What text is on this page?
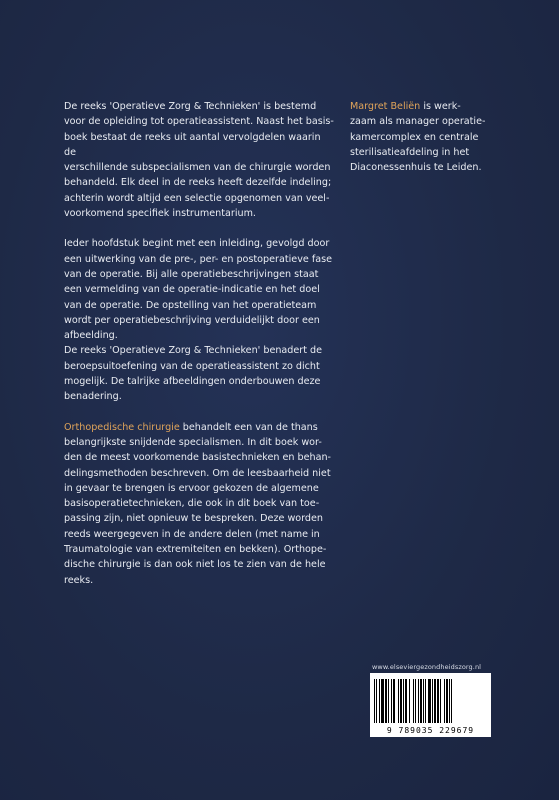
De reeks 'Operatieve Zorg & Technieken' is bestemd
voor de opleiding tot operatieassistent. Naast het basis-
boek bestaat de reeks uit aantal vervolgdelen waarin de
verschillende subspecialismen van de chirurgie worden
behandeld. Elk deel in de reeks heeft dezelfde indeling;
achterin wordt altijd een selectie opgenomen van veel-
voorkomend specifiek instrumentarium.

Ieder hoofdstuk begint met een inleiding, gevolgd door
een uitwerking van de pre-, per- en postoperatieve fase
van de operatie. Bij alle operatiebeschrijvingen staat
een vermelding van de operatie-indicatie en het doel
van de operatie. De opstelling van het operatieteam
wordt per operatiebeschrijving verduidelijkt door een
afbeelding.
De reeks 'Operatieve Zorg & Technieken' benadert de
beroepsuitoefening van de operatieassistent zo dicht
mogelijk. De talrijke afbeeldingen onderbouwen deze
benadering.

Orthopedische chirurgie behandelt een van de thans
belangrijkste snijdende specialismen. In dit boek wor-
den de meest voorkomende basistechnieken en behan-
delingsmethoden beschreven. Om de leesbaarheid niet
in gevaar te brengen is ervoor gekozen de algemene
basisoperatietechnieken, die ook in dit boek van toe-
passing zijn, niet opnieuw te bespreken. Deze worden
reeds weergegeven in de andere delen (met name in
Traumatologie van extremiteiten en bekken). Orthope-
dische chirurgie is dan ook niet los te zien van de hele
reeks.

Margret Beliën is werk-
zaam als manager operatie-
kamercomplex en centrale
sterilisatieafdeling in het
Diaconessenhuis te Leiden.

www.elseviergezondheidszorg.nl
9 789035 229679
